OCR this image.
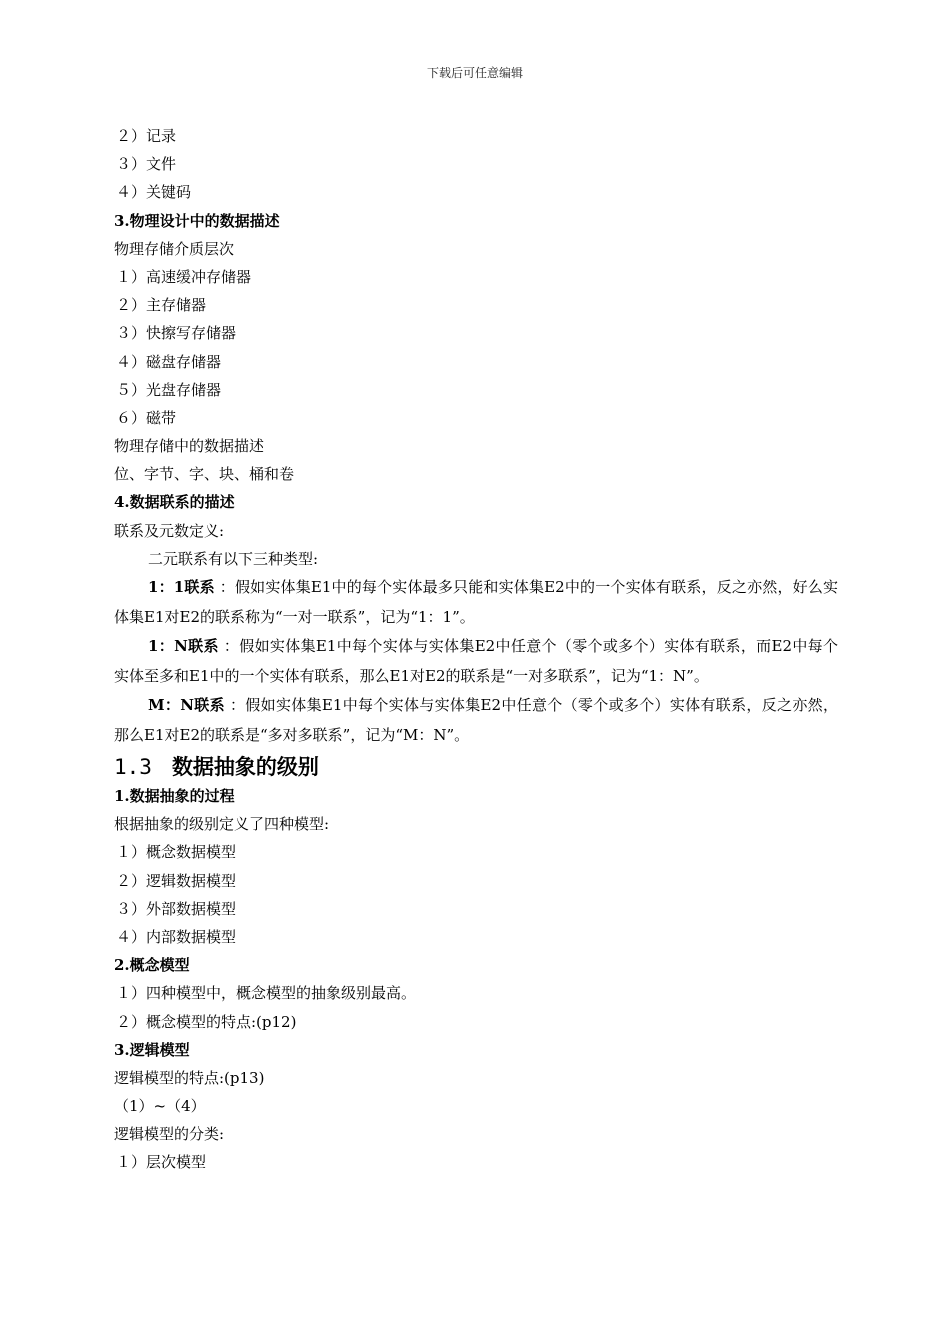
下载后可任意编辑
２）记录
３）文件
４）关键码
3.物理设计中的数据描述
物理存储介质层次
１）高速缓冲存储器
２）主存储器
３）快擦写存储器
４）磁盘存储器
５）光盘存储器
６）磁带
物理存储中的数据描述
位、字节、字、块、桶和卷
4.数据联系的描述
联系及元数定义:
二元联系有以下三种类型:
1：1联系 ：假如实体集E1中的每个实体最多只能和实体集E2中的一个实体有联系，反之亦然，好么实体集E1对E2的联系称为“一对一联系”，记为“1：1”。
1：N联系 ：假如实体集E1中每个实体与实体集E2中任意个（零个或多个）实体有联系，而E2中每个实体至多和E1中的一个实体有联系，那么E1对E2的联系是“一对多联系”，记为“1：N”。
M：N联系 ：假如实体集E1中每个实体与实体集E2中任意个（零个或多个）实体有联系，反之亦然，那么E1对E2的联系是“多对多联系”，记为“M：N”。
1.3 数据抽象的级别
1.数据抽象的过程
根据抽象的级别定义了四种模型:
１）概念数据模型
２）逻辑数据模型
３）外部数据模型
４）内部数据模型
2.概念模型
１）四种模型中，概念模型的抽象级别最高。
２）概念模型的特点:(p12)
3.逻辑模型
逻辑模型的特点:(p13)
（1）~（4）
逻辑模型的分类:
１）层次模型
